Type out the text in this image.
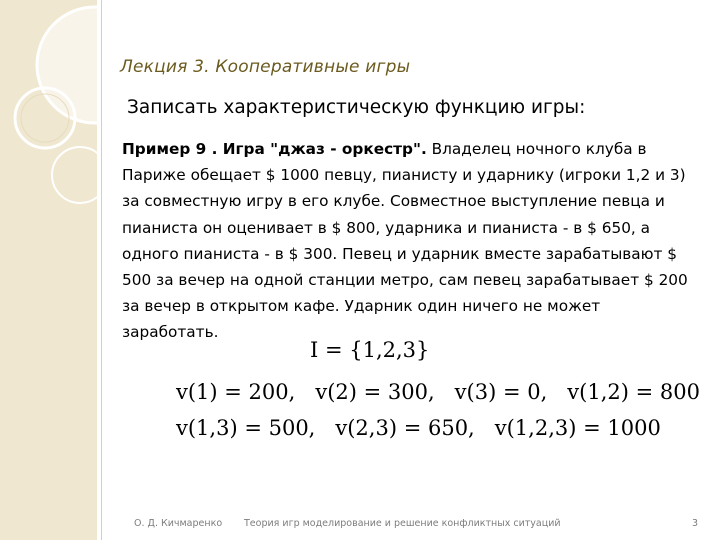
Лекция 3. Кооперативные игры
Записать характеристическую функцию игры:
Пример 9 . Игра "джаз - оркестр". Владелец ночного клуба в Париже обещает $ 1000 певцу, пианисту и ударнику (игроки 1,2 и 3) за совместную игру в его клубе. Совместное выступление певца и пианиста он оценивает в $ 800, ударника и пианиста - в $ 650, а одного пианиста - в $ 300. Певец и ударник вместе зарабатывают $ 500 за вечер на одной станции метро, сам певец зарабатывает $ 200 за вечер в открытом кафе. Ударник один ничего не может заработать.
I = {1,2,3}
v(1) = 200,   v(2) = 300,   v(3) = 0,   v(1,2) = 800
v(1,3) = 500,   v(2,3) = 650,   v(1,2,3) = 1000
О. Д. Кичмаренко Теория игр моделирование и решение конфликтных ситуаций	3
